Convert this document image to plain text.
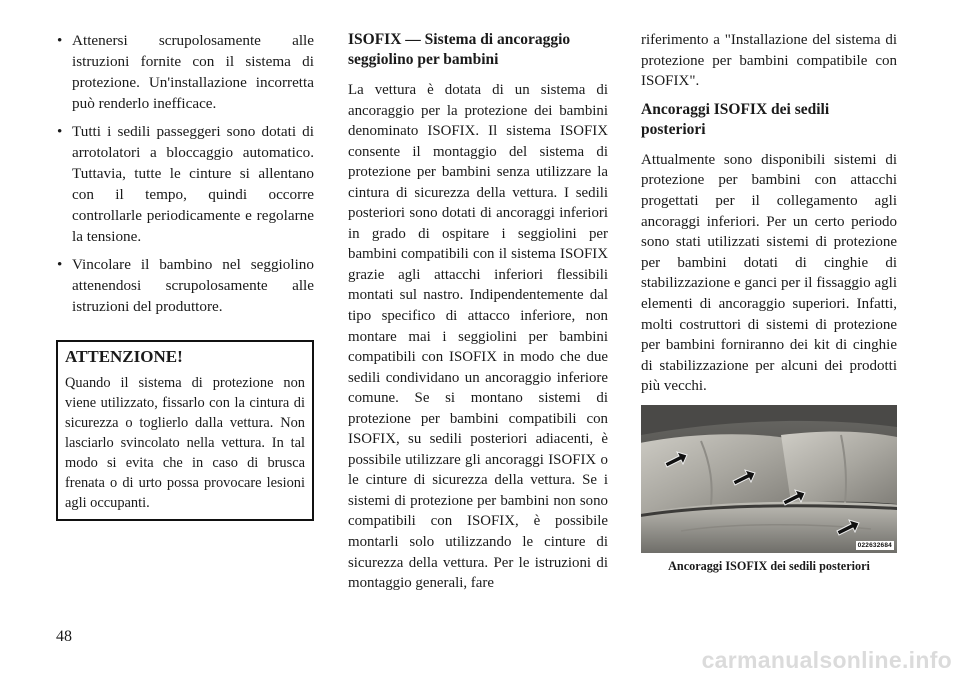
• Attenersi scrupolosamente alle istruzioni fornite con il sistema di protezione. Un'installazione incorretta può renderlo inefficace.
• Tutti i sedili passeggeri sono dotati di arrotolatori a bloccaggio automatico. Tuttavia, tutte le cinture si allentano con il tempo, quindi occorre controllarle periodicamente e regolarne la tensione.
• Vincolare il bambino nel seggiolino attenendosi scrupolosamente alle istruzioni del produttore.
ATTENZIONE!

Quando il sistema di protezione non viene utilizzato, fissarlo con la cintura di sicurezza o toglierlo dalla vettura. Non lasciarlo svincolato nella vettura. In tal modo si evita che in caso di brusca frenata o di urto possa provocare lesioni agli occupanti.

ISOFIX — Sistema di ancoraggio seggiolino per bambini

La vettura è dotata di un sistema di ancoraggio per la protezione dei bambini denominato ISOFIX. Il sistema ISOFIX consente il montaggio del sistema di protezione per bambini senza utilizzare la cintura di sicurezza della vettura. I sedili posteriori sono dotati di ancoraggi inferiori in grado di ospitare i seggiolini per bambini compatibili con il sistema ISOFIX grazie agli attacchi inferiori flessibili montati sul nastro. Indipendentemente dal tipo specifico di attacco inferiore, non montare mai i seggiolini per bambini compatibili con ISOFIX in modo che due sedili condividano un ancoraggio inferiore comune. Se si montano sistemi di protezione per bambini compatibili con ISOFIX, su sedili posteriori adiacenti, è possibile utilizzare gli ancoraggi ISOFIX o le cinture di sicurezza della vettura. Se i sistemi di protezione per bambini non sono compatibili con ISOFIX, è possibile montarli solo utilizzando le cinture di sicurezza della vettura. Per le istruzioni di montaggio generali, fare

riferimento a "Installazione del sistema di protezione per bambini compatibile con ISOFIX".

Ancoraggi ISOFIX dei sedili posteriori

Attualmente sono disponibili sistemi di protezione per bambini con attacchi progettati per il collegamento agli ancoraggi inferiori. Per un certo periodo sono stati utilizzati sistemi di protezione per bambini dotati di cinghie di stabilizzazione e ganci per il fissaggio agli elementi di ancoraggio superiori. Infatti, molti costruttori di sistemi di protezione per bambini forniranno dei kit di cinghie di stabilizzazione per alcuni dei prodotti più vecchi.

022632684
Ancoraggi ISOFIX dei sedili posteriori
48
carmanualsonline.info
